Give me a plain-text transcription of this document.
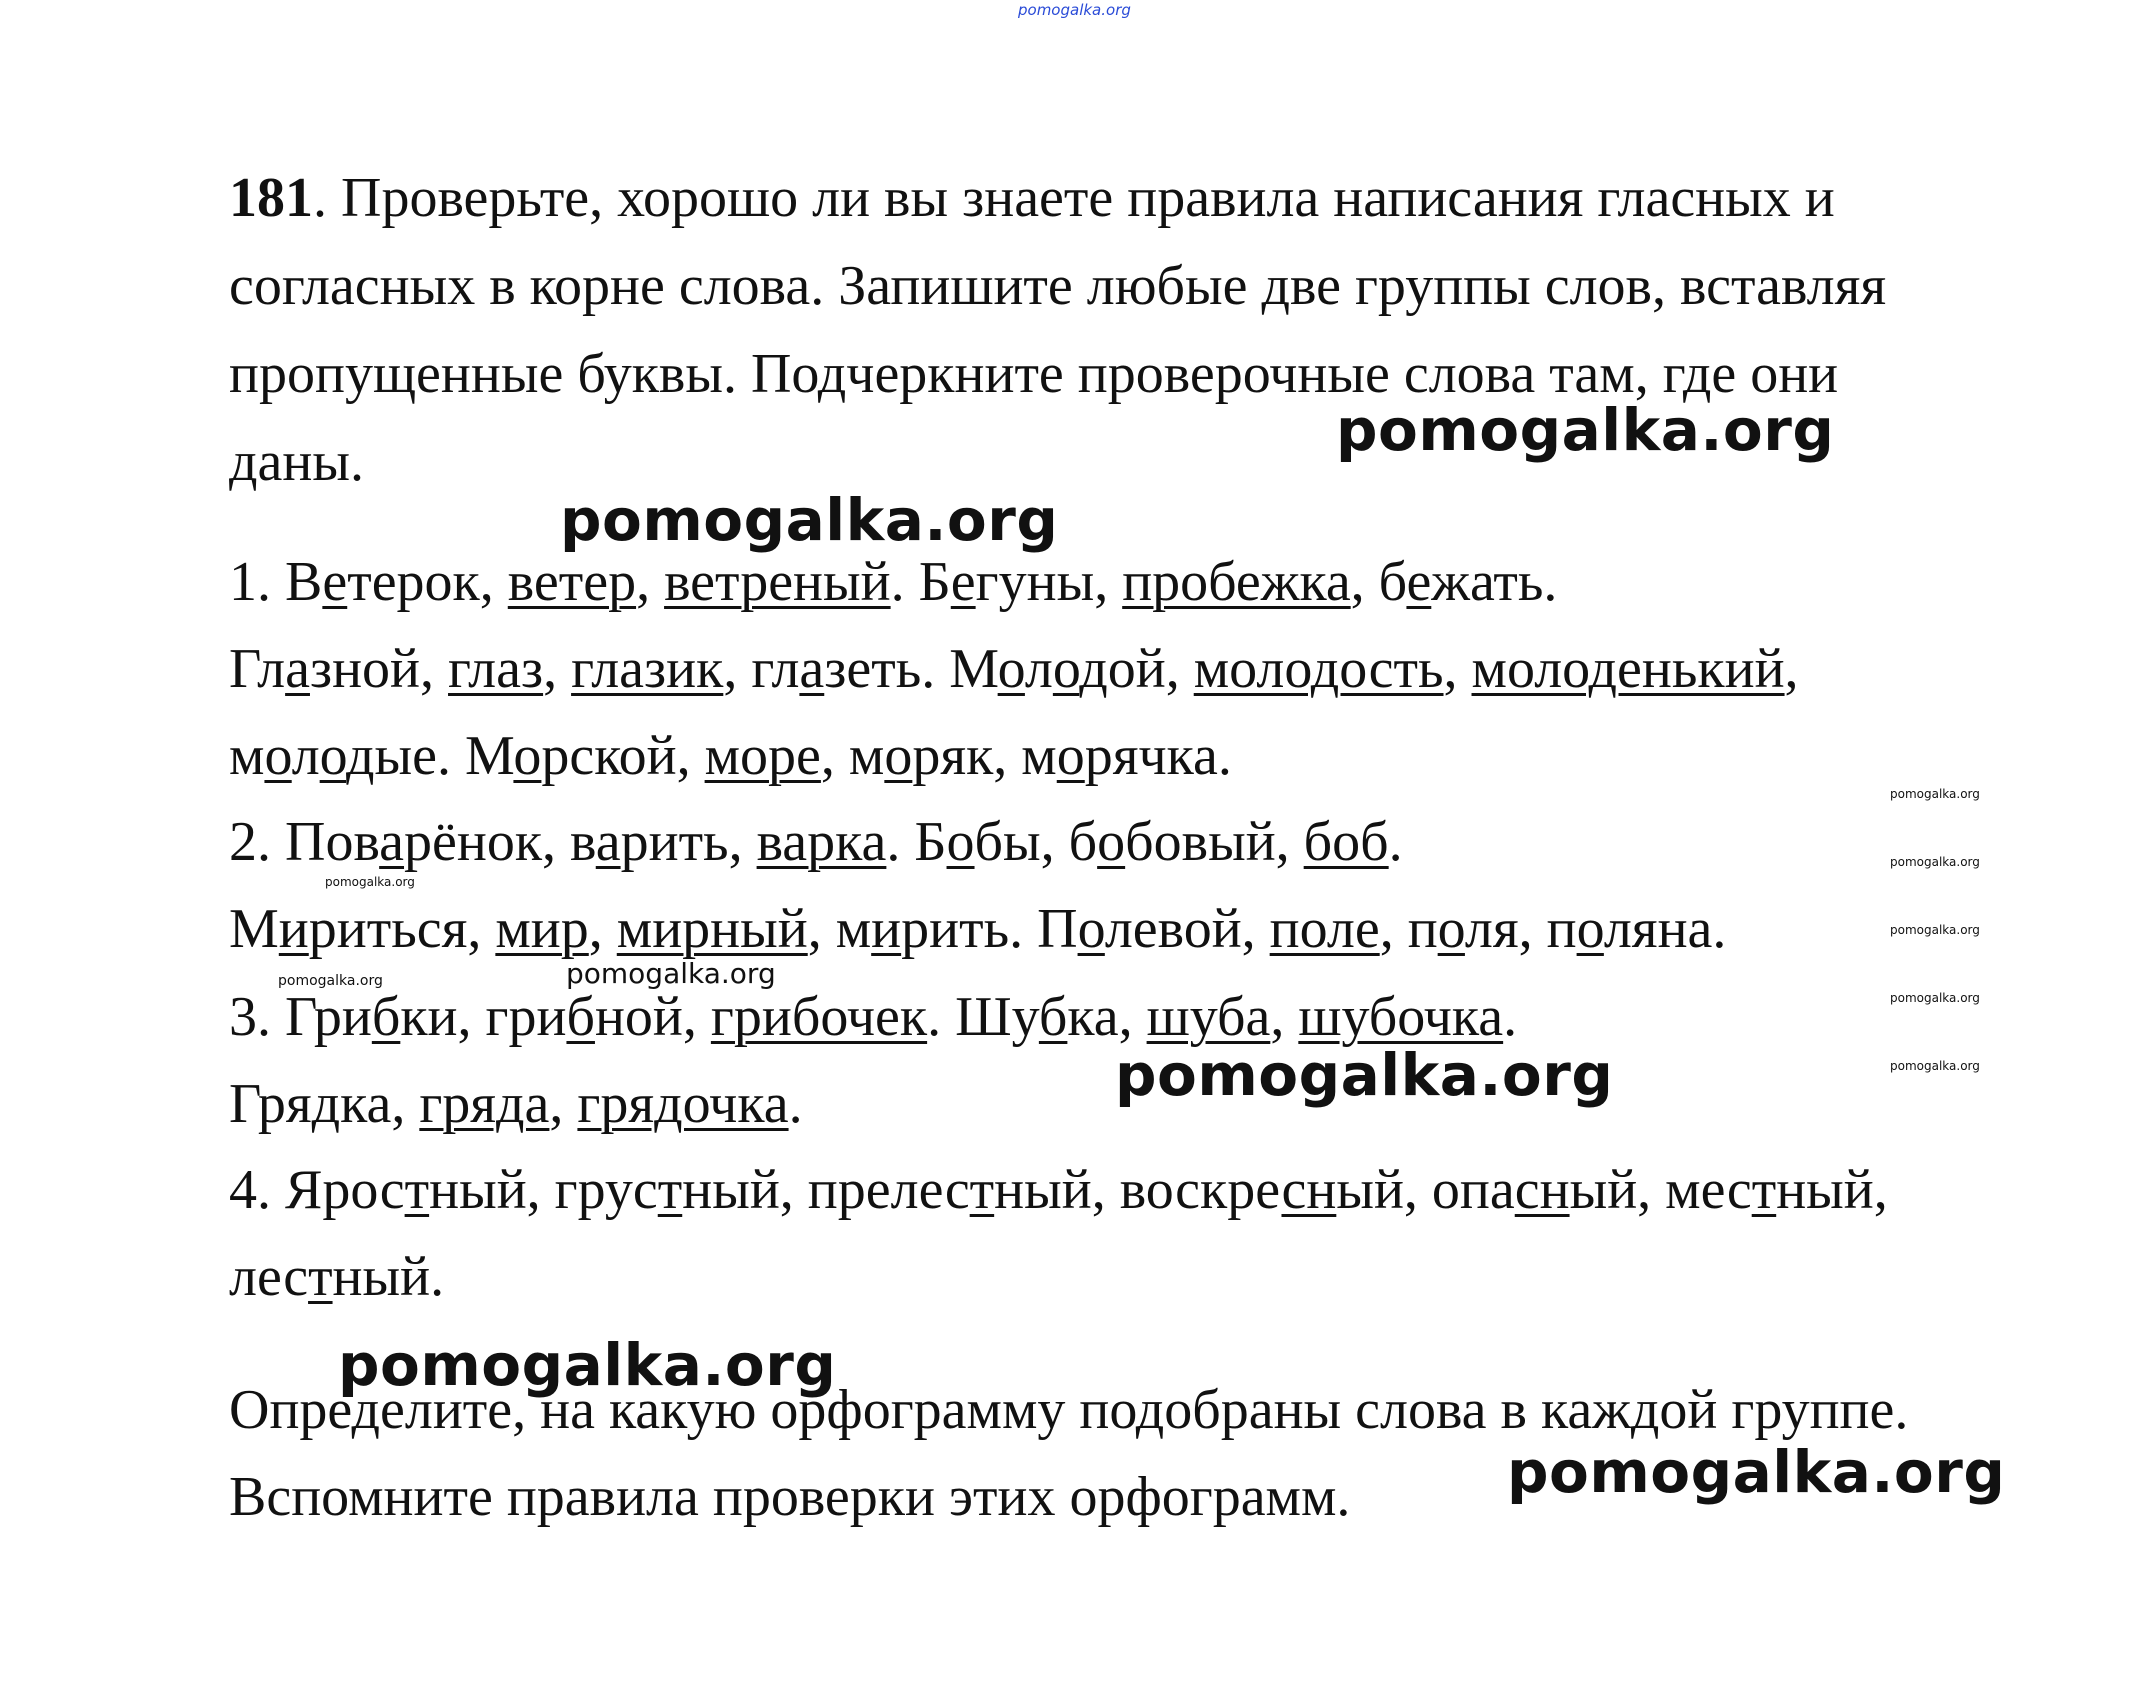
pomogalka.org
181. Проверьте, хорошо ли вы знаете правила написания гласных и
согласных в корне слова. Запишите любые две группы слов, вставляя
пропущенные буквы. Подчеркните проверочные слова там, где они
даны.
1. Ветерок, ветер, ветреный. Бегуны, пробежка, бежать.
Глазной, глаз, глазик, глазеть. Молодой, молодость, молоденький,
молодые. Морской, море, моряк, морячка.
2. Поварёнок, варить, варка. Бобы, бобовый, боб.
Мириться, мир, мирный, мирить. Полевой, поле, поля, поляна.
3. Грибки, грибной, грибочек. Шубка, шуба, шубочка.
Грядка, гряда, грядочка.
4. Яростный, грустный, прелестный, воскресный, опасный, местный,
лестный.
Определите, на какую орфограмму подобраны слова в каждой группе.
Вспомните правила проверки этих орфограмм.
pomogalka.org
pomogalka.org
pomogalka.org
pomogalka.org
pomogalka.org
pomogalka.org
pomogalka.org
pomogalka.org
pomogalka.org
pomogalka.org
pomogalka.org
pomogalka.org
pomogalka.org
